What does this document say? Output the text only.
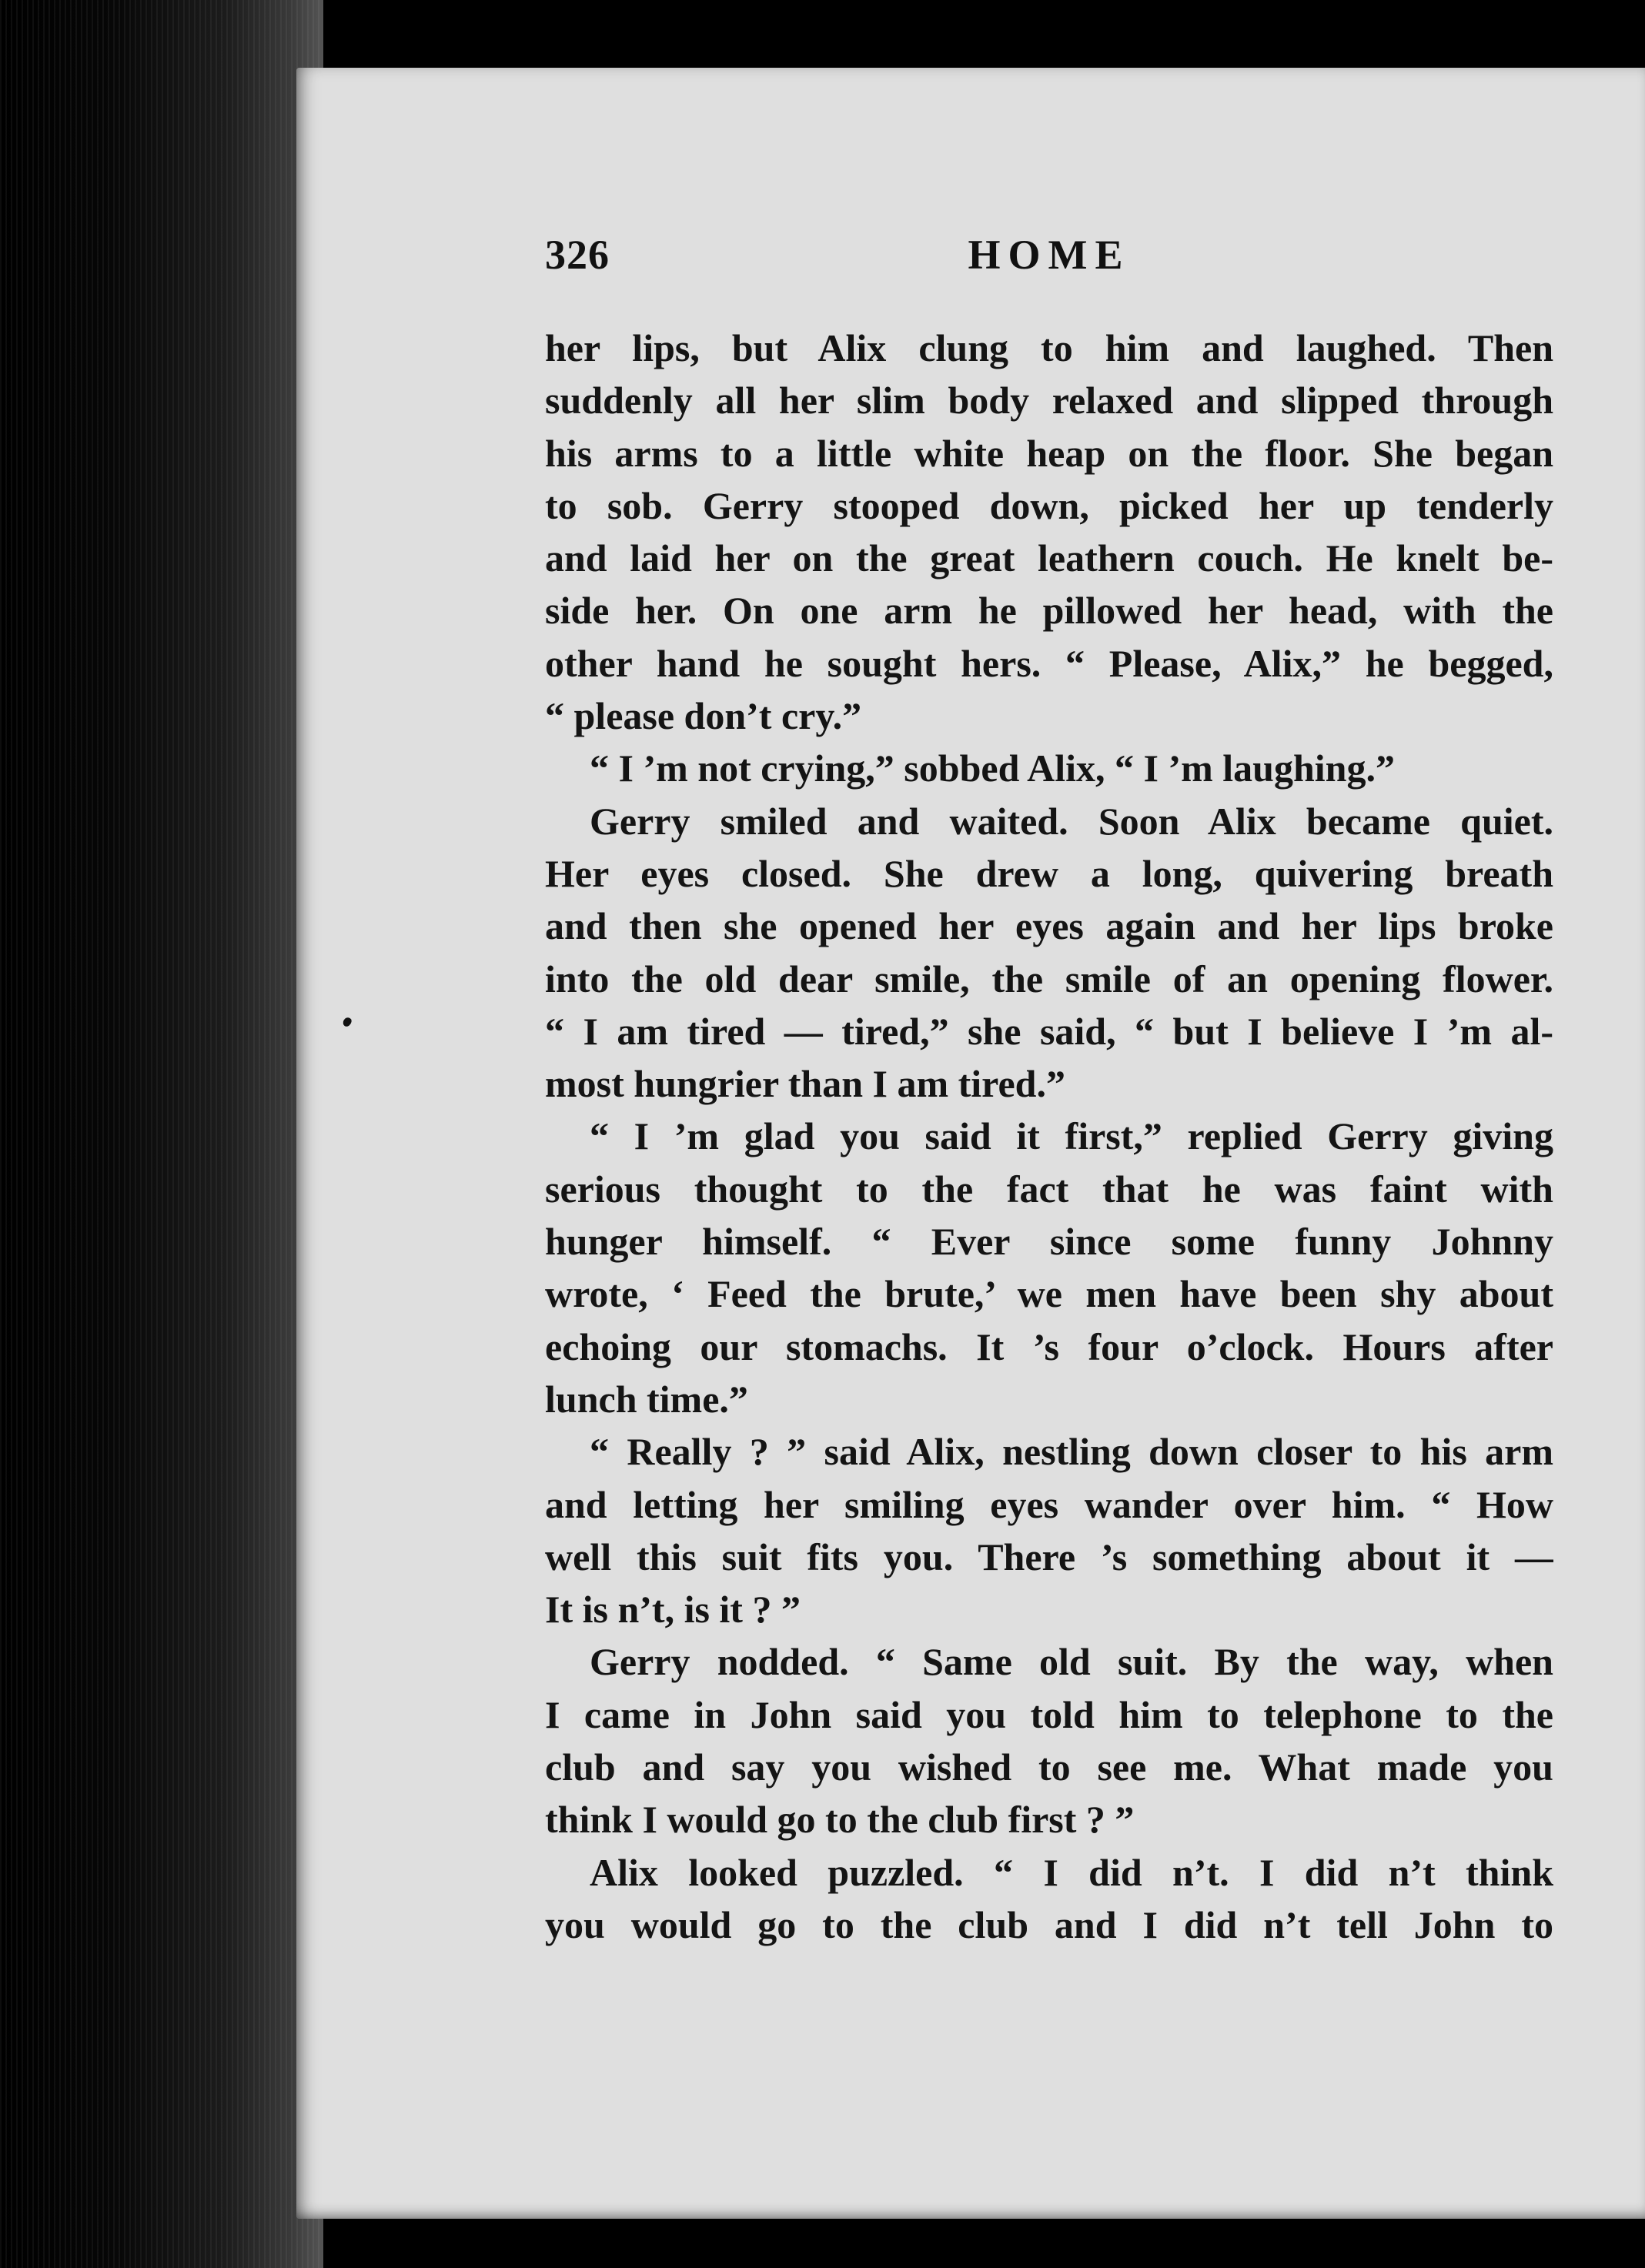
326	HOME
her lips, but Alix clung to him and laughed. Then
suddenly all her slim body relaxed and slipped through
his arms to a little white heap on the floor. She began
to sob. Gerry stooped down, picked her up tenderly
and laid her on the great leathern couch. He knelt be-
side her. On one arm he pillowed her head, with the
other hand he sought hers. “ Please, Alix,” he begged,
“ please don’t cry.”
“ I ’m not crying,” sobbed Alix, “ I ’m laughing.”
Gerry smiled and waited. Soon Alix became quiet.
Her eyes closed. She drew a long, quivering breath
and then she opened her eyes again and her lips broke
into the old dear smile, the smile of an opening flower.
“ I am tired — tired,” she said, “ but I believe I ’m al-
most hungrier than I am tired.”
“ I ’m glad you said it first,” replied Gerry giving
serious thought to the fact that he was faint with
hunger himself. “ Ever since some funny Johnny
wrote, ‘ Feed the brute,’ we men have been shy about
echoing our stomachs. It ’s four o’clock. Hours after
lunch time.”
“ Really ? ” said Alix, nestling down closer to his arm
and letting her smiling eyes wander over him. “ How
well this suit fits you. There ’s something about it —
It is n’t, is it ? ”
Gerry nodded. “ Same old suit. By the way, when
I came in John said you told him to telephone to the
club and say you wished to see me. What made you
think I would go to the club first ? ”
Alix looked puzzled. “ I did n’t. I did n’t think
you would go to the club and I did n’t tell John to
